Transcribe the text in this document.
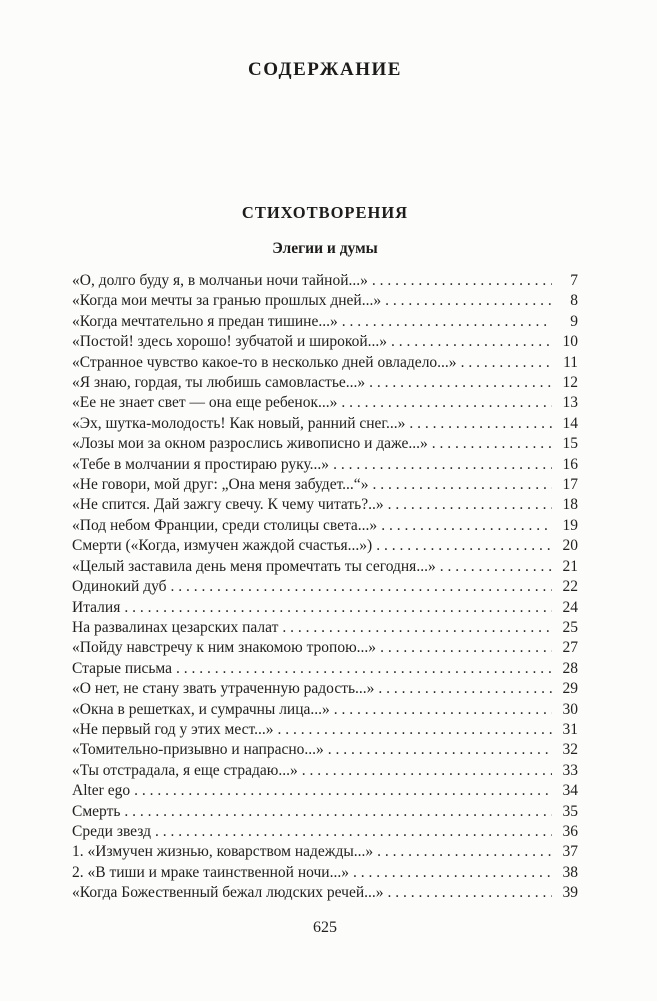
СОДЕРЖАНИЕ
СТИХОТВОРЕНИЯ
Элегии и думы
«О, долго буду я, в молчаньи ночи тайной...» . . .	7
«Когда мои мечты за гранью прошлых дней...» . . .	8
«Когда мечтательно я предан тишине...» . . .	9
«Постой! здесь хорошо! зубчатой и широкой...» . . .	10
«Странное чувство какое-то в несколько дней овладело...» . . .	11
«Я знаю, гордая, ты любишь самовластье...» . . .	12
«Ее не знает свет — она еще ребенок...» . . .	13
«Эх, шутка-молодость! Как новый, ранний снег...» . . .	14
«Лозы мои за окном разрослись живописно и даже...» . . .	15
«Тебе в молчании я простираю руку...» . . .	16
«Не говори, мой друг: „Она меня забудет...“» . . .	17
«Не спится. Дай зажгу свечу. К чему читать?..» . . .	18
«Под небом Франции, среди столицы света...» . . .	19
Смерти («Когда, измучен жаждой счастья...») . . .	20
«Целый заставила день меня промечтать ты сегодня...» . . .	21
Одинокий дуб . . .	22
Италия . . .	24
На развалинах цезарских палат . . .	25
«Пойду навстречу к ним знакомою тропою...» . . .	27
Старые письма . . .	28
«О нет, не стану звать утраченную радость...» . . .	29
«Окна в решетках, и сумрачны лица...» . . .	30
«Не первый год у этих мест...» . . .	31
«Томительно-призывно и напрасно...» . . .	32
«Ты отстрадала, я еще страдаю...» . . .	33
Alter ego . . .	34
Смерть . . .	35
Среди звезд . . .	36
1. «Измучен жизнью, коварством надежды...» . . .	37
2. «В тиши и мраке таинственной ночи...» . . .	38
«Когда Божественный бежал людских речей...» . . .	39
625
